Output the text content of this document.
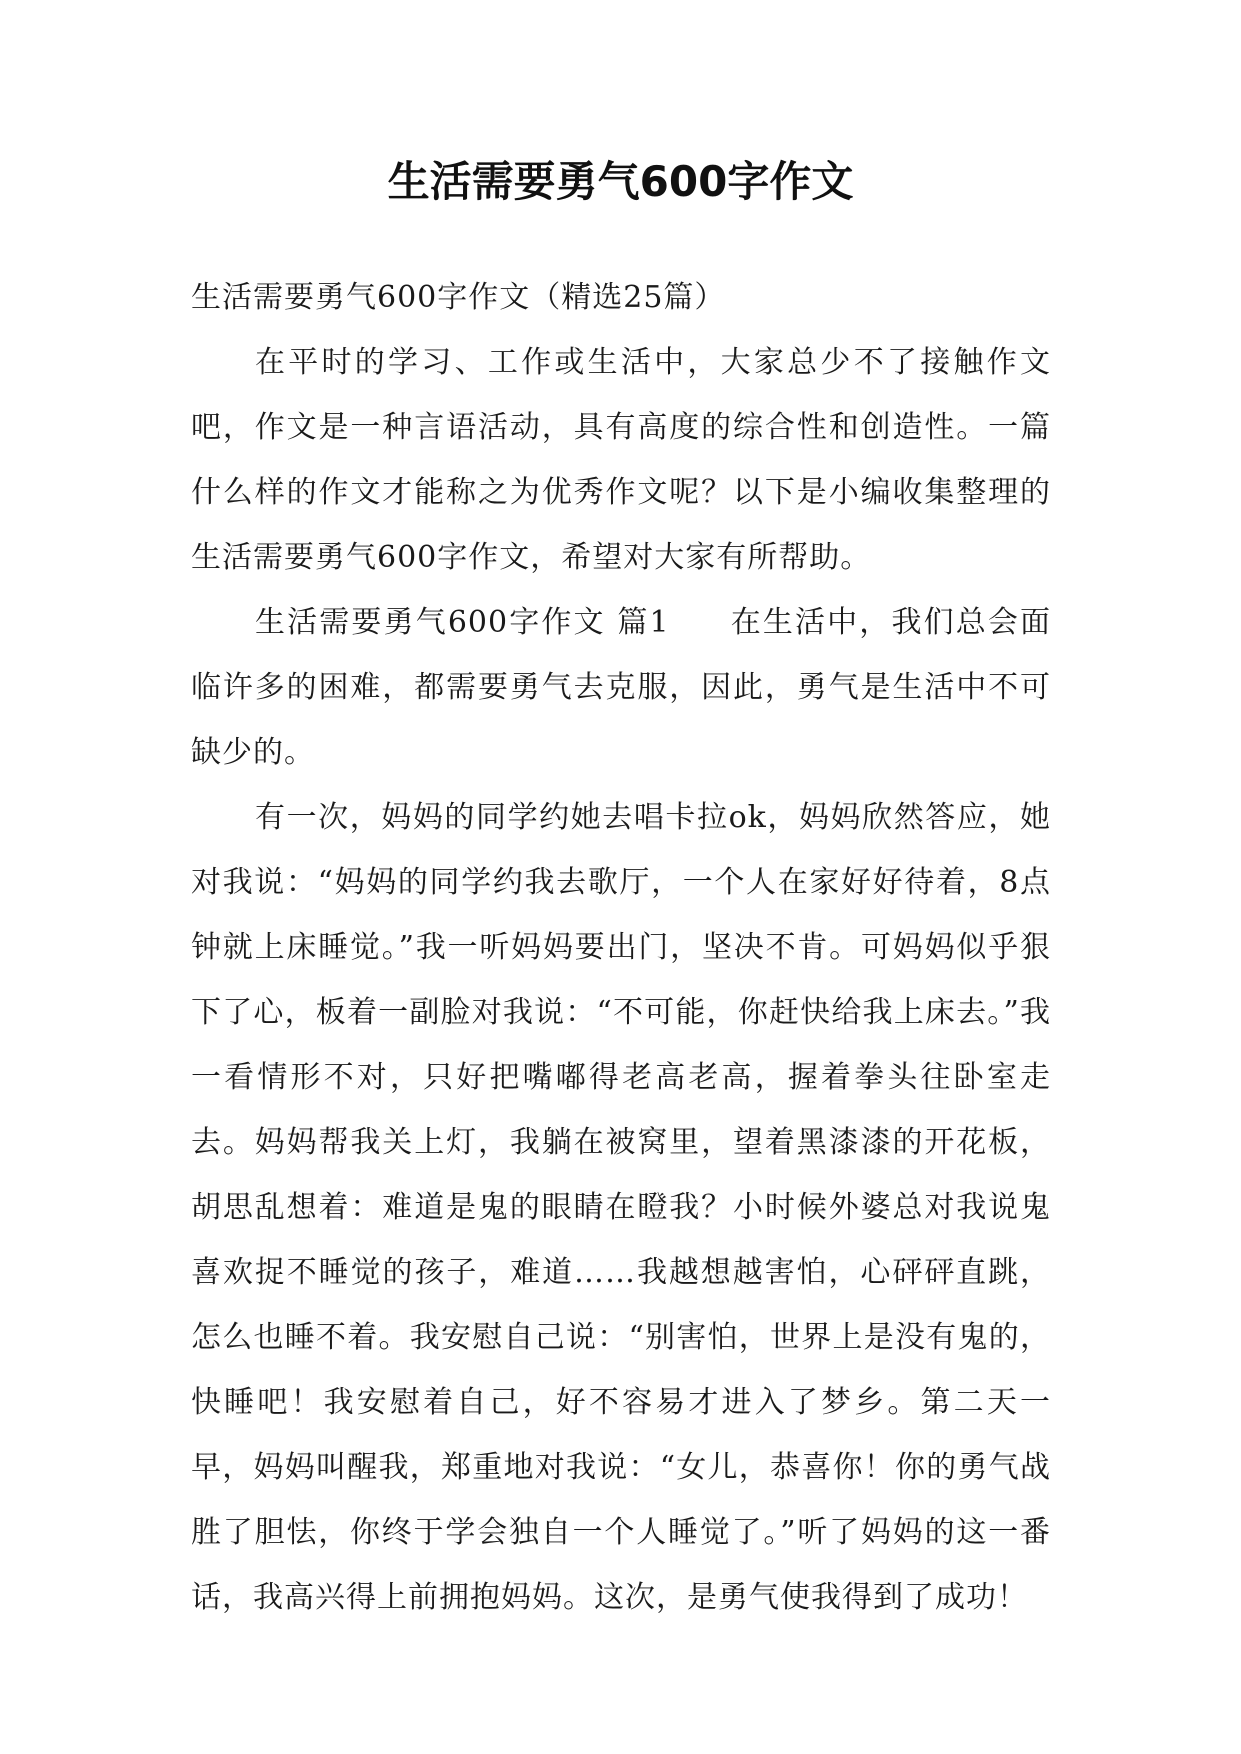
生活需要勇气600字作文

生活需要勇气600字作文（精选25篇）

在平时的学习、工作或生活中，大家总少不了接触作文吧，作文是一种言语活动，具有高度的综合性和创造性。一篇什么样的作文才能称之为优秀作文呢？以下是小编收集整理的生活需要勇气600字作文，希望对大家有所帮助。

生活需要勇气600字作文 篇1 在生活中，我们总会面临许多的困难，都需要勇气去克服，因此，勇气是生活中不可缺少的。

有一次，妈妈的同学约她去唱卡拉ok，妈妈欣然答应，她对我说：“妈妈的同学约我去歌厅，一个人在家好好待着，8点钟就上床睡觉。”我一听妈妈要出门，坚决不肯。可妈妈似乎狠下了心，板着一副脸对我说：“不可能，你赶快给我上床去。”我一看情形不对，只好把嘴嘟得老高老高，握着拳头往卧室走去。妈妈帮我关上灯，我躺在被窝里，望着黑漆漆的开花板，胡思乱想着：难道是鬼的眼睛在瞪我？小时候外婆总对我说鬼喜欢捉不睡觉的孩子，难道……我越想越害怕，心砰砰直跳，怎么也睡不着。我安慰自己说：“别害怕，世界上是没有鬼的，快睡吧！我安慰着自己，好不容易才进入了梦乡。第二天一早，妈妈叫醒我，郑重地对我说：“女儿，恭喜你！你的勇气战胜了胆怯，你终于学会独自一个人睡觉了。”听了妈妈的这一番话，我高兴得上前拥抱妈妈。这次，是勇气使我得到了成功！
